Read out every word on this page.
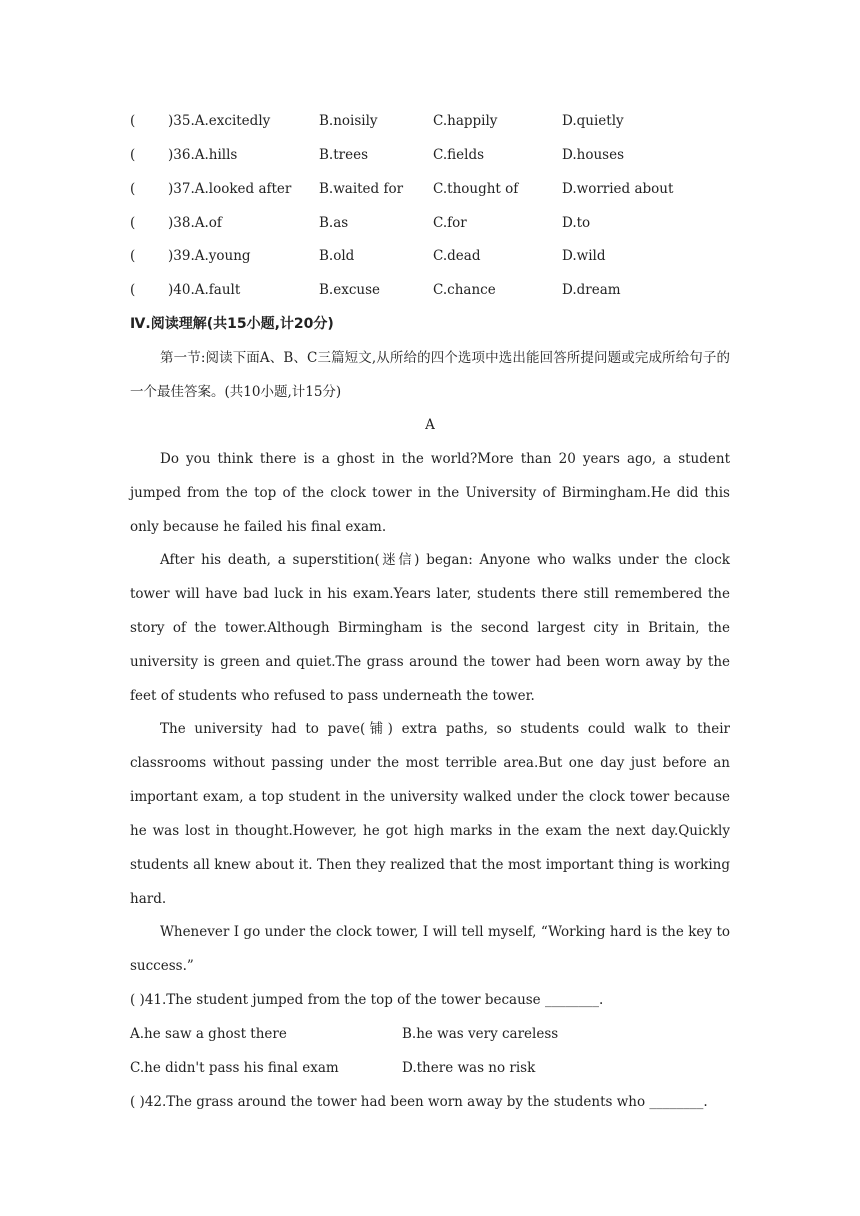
( )35.A.excitedly	B.noisily	C.happily	D.quietly
( )36.A.hills	B.trees	C.fields	D.houses
( )37.A.looked after B.waited for C.thought of	D.worried about
( )38.A.of	B.as	C.for	D.to
( )39.A.young	B.old	C.dead	D.wild
( )40.A.fault	B.excuse	C.chance	D.dream
Ⅳ.阅读理解(共15小题,计20分)
第一节:阅读下面A、B、C三篇短文,从所给的四个选项中选出能回答所提问题或完成所给句子的一个最佳答案。(共10小题,计15分)
A
Do you think there is a ghost in the world?More than 20 years ago, a student jumped from the top of the clock tower in the University of Birmingham.He did this only because he failed his final exam.
After his death, a superstition(迷信) began: Anyone who walks under the clock tower will have bad luck in his exam.Years later, students there still remembered the story of the tower.Although Birmingham is the second largest city in Britain, the university is green and quiet.The grass around the tower had been worn away by the feet of students who refused to pass underneath the tower.
The university had to pave(铺) extra paths, so students could walk to their classrooms without passing under the most terrible area.But one day just before an important exam, a top student in the university walked under the clock tower because he was lost in thought.However, he got high marks in the exam the next day.Quickly students all knew about it. Then they realized that the most important thing is working hard.
Whenever I go under the clock tower, I will tell myself, “Working hard is the key to success.”
( )41.The student jumped from the top of the tower because ________.
A.he saw a ghost there	B.he was very careless
C.he didn't pass his final exam	D.there was no risk
( )42.The grass around the tower had been worn away by the students who ________.
